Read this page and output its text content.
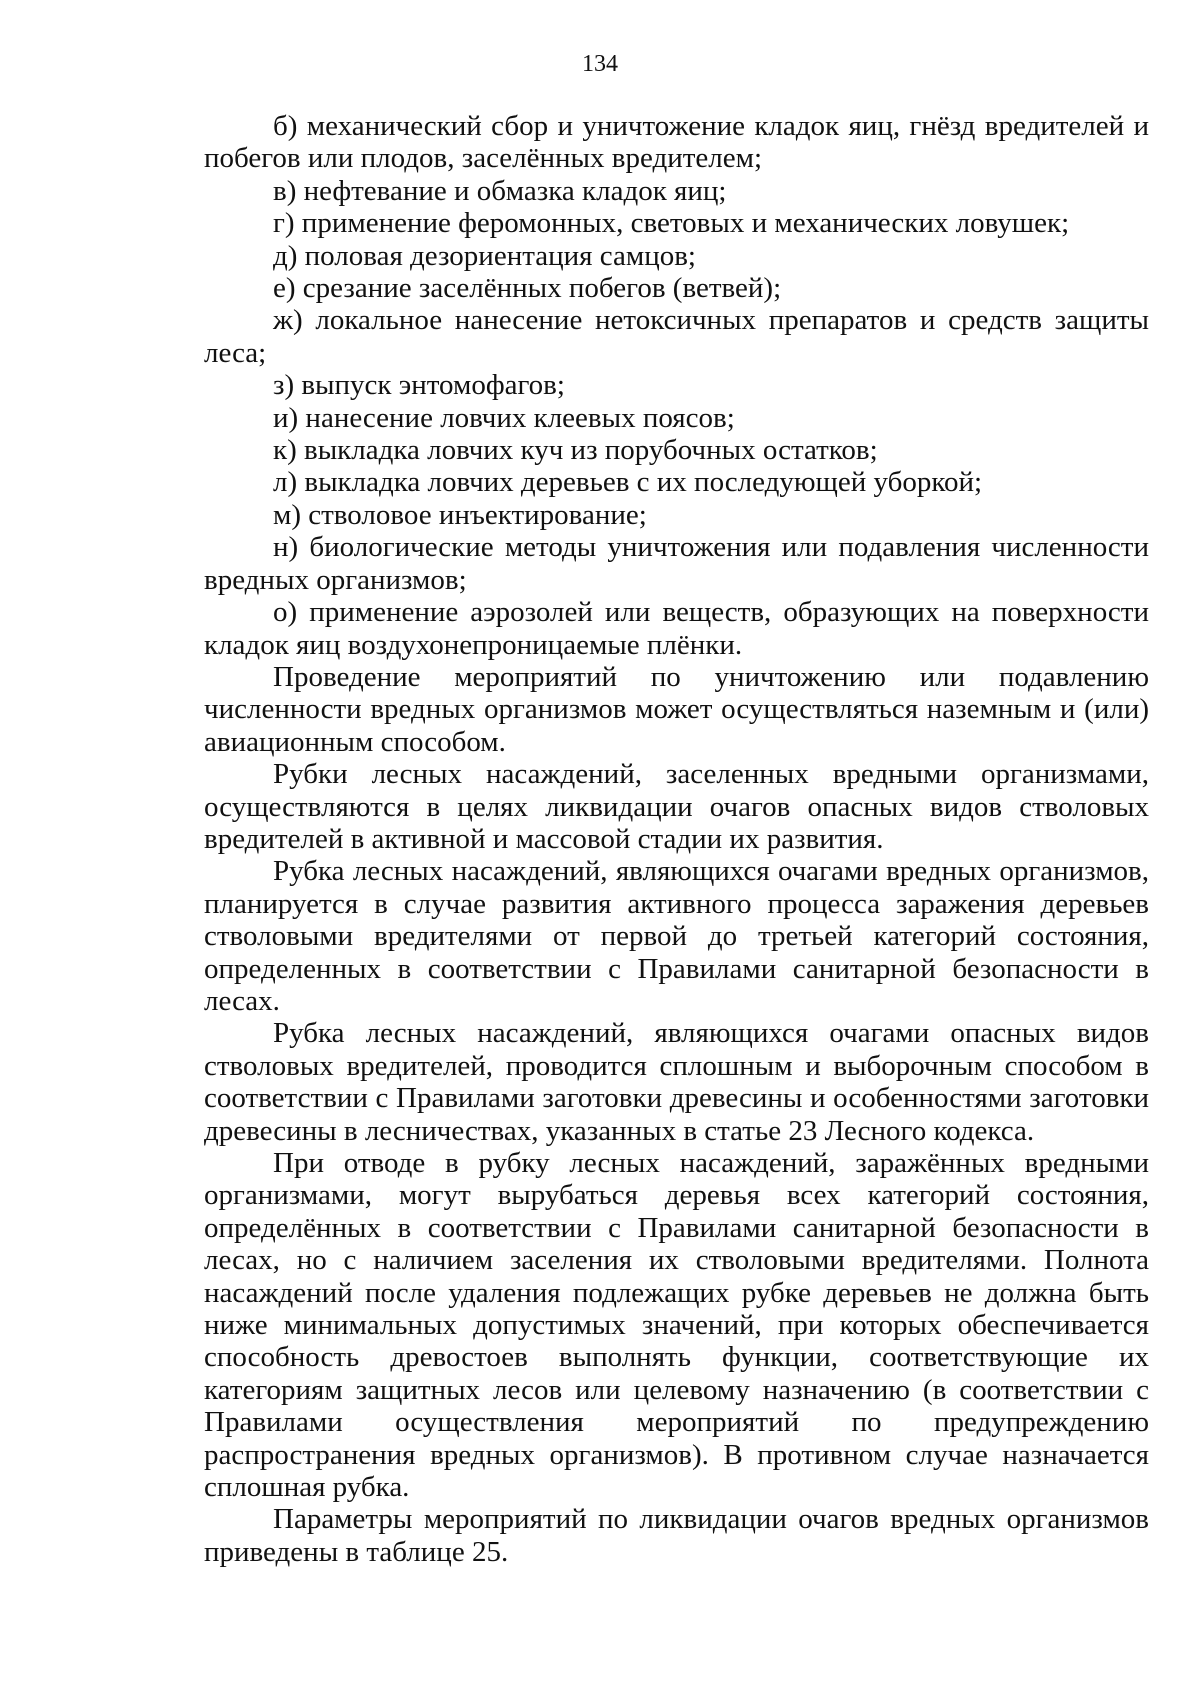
134

б) механический сбор и уничтожение кладок яиц, гнёзд вредителей и побегов или плодов, заселённых вредителем;

в) нефтевание и обмазка кладок яиц;

г) применение феромонных, световых и механических ловушек;

д) половая дезориентация самцов;

е) срезание заселённых побегов (ветвей);

ж) локальное нанесение нетоксичных препаратов и средств защиты леса;

з) выпуск энтомофагов;

и) нанесение ловчих клеевых поясов;

к) выкладка ловчих куч из порубочных остатков;

л) выкладка ловчих деревьев с их последующей уборкой;

м) стволовое инъектирование;

н) биологические методы уничтожения или подавления численности вредных организмов;

о) применение аэрозолей или веществ, образующих на поверхности кладок яиц воздухонепроницаемые плёнки.

Проведение мероприятий по уничтожению или подавлению численности вредных организмов может осуществляться наземным и (или) авиационным способом.

Рубки лесных насаждений, заселенных вредными организмами, осуществляются в целях ликвидации очагов опасных видов стволовых вредителей в активной и массовой стадии их развития.

Рубка лесных насаждений, являющихся очагами вредных организмов, планируется в случае развития активного процесса заражения деревьев стволовыми вредителями от первой до третьей категорий состояния, определенных в соответствии с Правилами санитарной безопасности в лесах.

Рубка лесных насаждений, являющихся очагами опасных видов стволовых вредителей, проводится сплошным и выборочным способом в соответствии с Правилами заготовки древесины и особенностями заготовки древесины в лесничествах, указанных в статье 23 Лесного кодекса.

При отводе в рубку лесных насаждений, заражённых вредными организмами, могут вырубаться деревья всех категорий состояния, определённых в соответствии с Правилами санитарной безопасности в лесах, но с наличием заселения их стволовыми вредителями. Полнота насаждений после удаления подлежащих рубке деревьев не должна быть ниже минимальных допустимых значений, при которых обеспечивается способность древостоев выполнять функции, соответствующие их категориям защитных лесов или целевому назначению (в соответствии с Правилами осуществления мероприятий по предупреждению распространения вредных организмов). В противном случае назначается сплошная рубка.

Параметры мероприятий по ликвидации очагов вредных организмов приведены в таблице 25.
